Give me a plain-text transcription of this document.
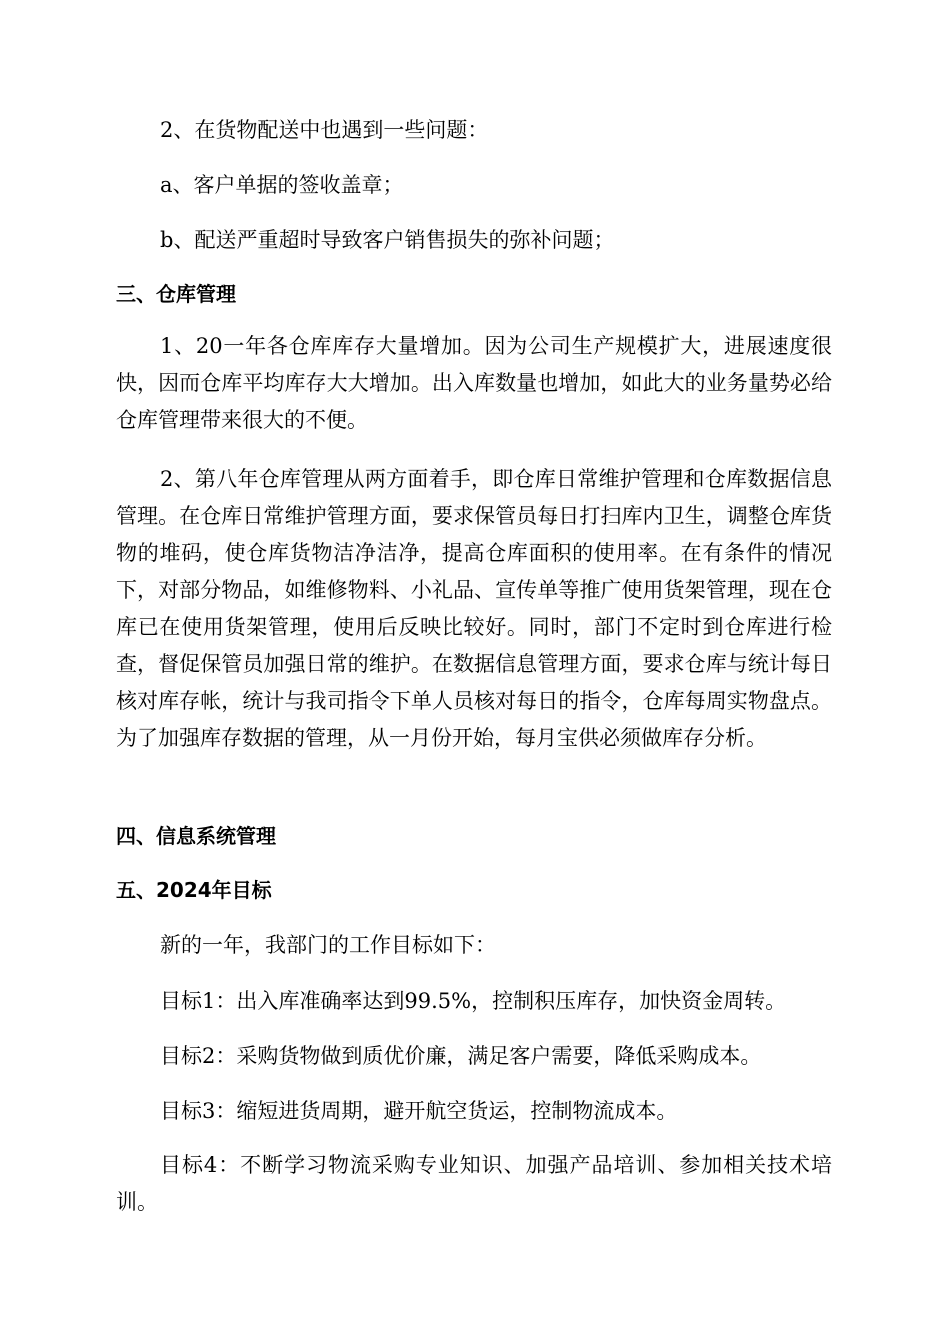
2、在货物配送中也遇到一些问题：
a、客户单据的签收盖章；
b、配送严重超时导致客户销售损失的弥补问题；
三、仓库管理
1、20一年各仓库库存大量增加。因为公司生产规模扩大，进展速度很快，因而仓库平均库存大大增加。出入库数量也增加，如此大的业务量势必给仓库管理带来很大的不便。
2、第八年仓库管理从两方面着手，即仓库日常维护管理和仓库数据信息管理。在仓库日常维护管理方面，要求保管员每日打扫库内卫生，调整仓库货物的堆码，使仓库货物洁净洁净，提高仓库面积的使用率。在有条件的情况下，对部分物品，如维修物料、小礼品、宣传单等推广使用货架管理，现在仓库已在使用货架管理，使用后反映比较好。同时，部门不定时到仓库进行检查，督促保管员加强日常的维护。在数据信息管理方面，要求仓库与统计每日核对库存帐，统计与我司指令下单人员核对每日的指令，仓库每周实物盘点。为了加强库存数据的管理，从一月份开始，每月宝供必须做库存分析。
四、信息系统管理
五、2024年目标
新的一年，我部门的工作目标如下：
目标1：出入库准确率达到99.5%，控制积压库存，加快资金周转。
目标2：采购货物做到质优价廉，满足客户需要，降低采购成本。
目标3：缩短进货周期，避开航空货运，控制物流成本。
目标4：不断学习物流采购专业知识、加强产品培训、参加相关技术培训。
